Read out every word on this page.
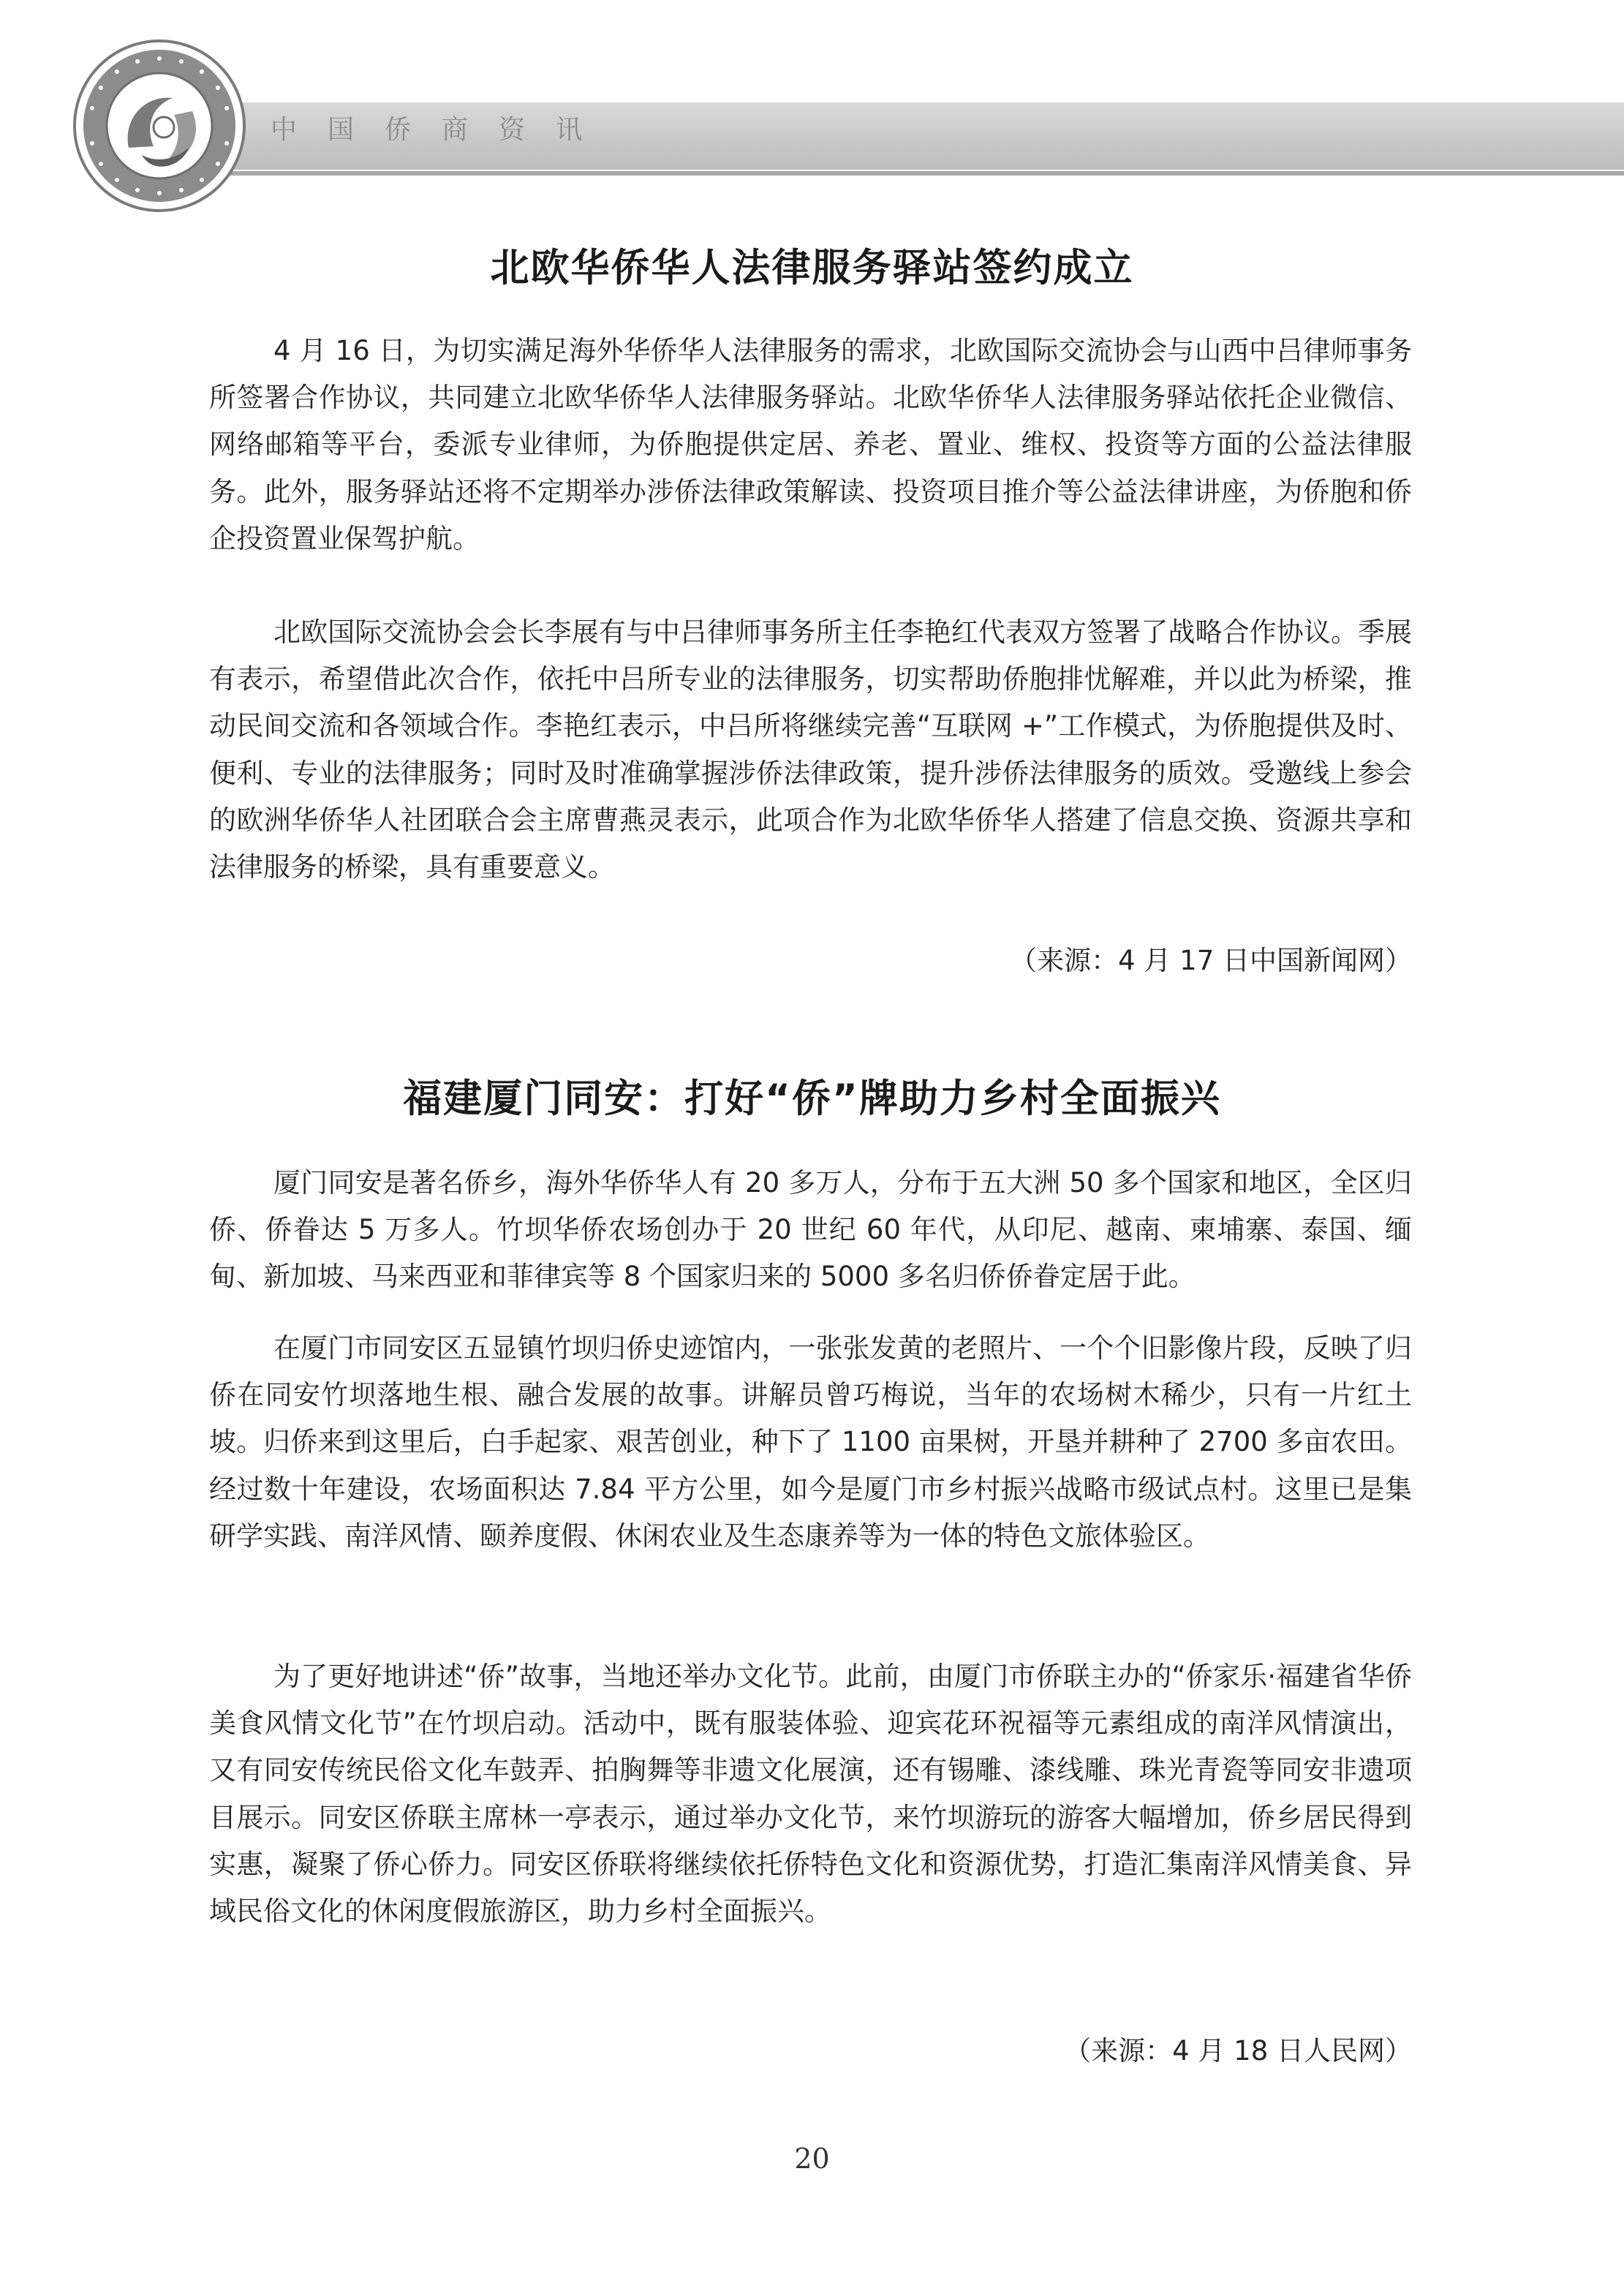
中国侨商资讯
北欧华侨华人法律服务驿站签约成立

4 月 16 日，为切实满足海外华侨华人法律服务的需求，北欧国际交流协会与山西中吕律师事务所签署合作协议，共同建立北欧华侨华人法律服务驿站。北欧华侨华人法律服务驿站依托企业微信、网络邮箱等平台，委派专业律师，为侨胞提供定居、养老、置业、维权、投资等方面的公益法律服务。此外，服务驿站还将不定期举办涉侨法律政策解读、投资项目推介等公益法律讲座，为侨胞和侨企投资置业保驾护航。

北欧国际交流协会会长李展有与中吕律师事务所主任李艳红代表双方签署了战略合作协议。季展有表示，希望借此次合作，依托中吕所专业的法律服务，切实帮助侨胞排忧解难，并以此为桥梁，推动民间交流和各领域合作。李艳红表示，中吕所将继续完善“互联网 +”工作模式，为侨胞提供及时、便利、专业的法律服务；同时及时准确掌握涉侨法律政策，提升涉侨法律服务的质效。受邀线上参会的欧洲华侨华人社团联合会主席曹燕灵表示，此项合作为北欧华侨华人搭建了信息交换、资源共享和法律服务的桥梁，具有重要意义。

（来源：4 月 17 日中国新闻网）
福建厦门同安：打好“侨”牌助力乡村全面振兴

厦门同安是著名侨乡，海外华侨华人有 20 多万人，分布于五大洲 50 多个国家和地区，全区归侨、侨眷达 5 万多人。竹坝华侨农场创办于 20 世纪 60 年代，从印尼、越南、柬埔寨、泰国、缅甸、新加坡、马来西亚和菲律宾等 8 个国家归来的 5000 多名归侨侨眷定居于此。

在厦门市同安区五显镇竹坝归侨史迹馆内，一张张发黄的老照片、一个个旧影像片段，反映了归侨在同安竹坝落地生根、融合发展的故事。讲解员曾巧梅说，当年的农场树木稀少，只有一片红土坡。归侨来到这里后，白手起家、艰苦创业，种下了 1100 亩果树，开垦并耕种了 2700 多亩农田。经过数十年建设，农场面积达 7.84 平方公里，如今是厦门市乡村振兴战略市级试点村。这里已是集研学实践、南洋风情、颐养度假、休闲农业及生态康养等为一体的特色文旅体验区。

为了更好地讲述“侨”故事，当地还举办文化节。此前，由厦门市侨联主办的“侨家乐·福建省华侨美食风情文化节”在竹坝启动。活动中，既有服装体验、迎宾花环祝福等元素组成的南洋风情演出，又有同安传统民俗文化车鼓弄、拍胸舞等非遗文化展演，还有锡雕、漆线雕、珠光青瓷等同安非遗项目展示。同安区侨联主席林一亭表示，通过举办文化节，来竹坝游玩的游客大幅增加，侨乡居民得到实惠，凝聚了侨心侨力。同安区侨联将继续依托侨特色文化和资源优势，打造汇集南洋风情美食、异域民俗文化的休闲度假旅游区，助力乡村全面振兴。

（来源：4 月 18 日人民网）
20
